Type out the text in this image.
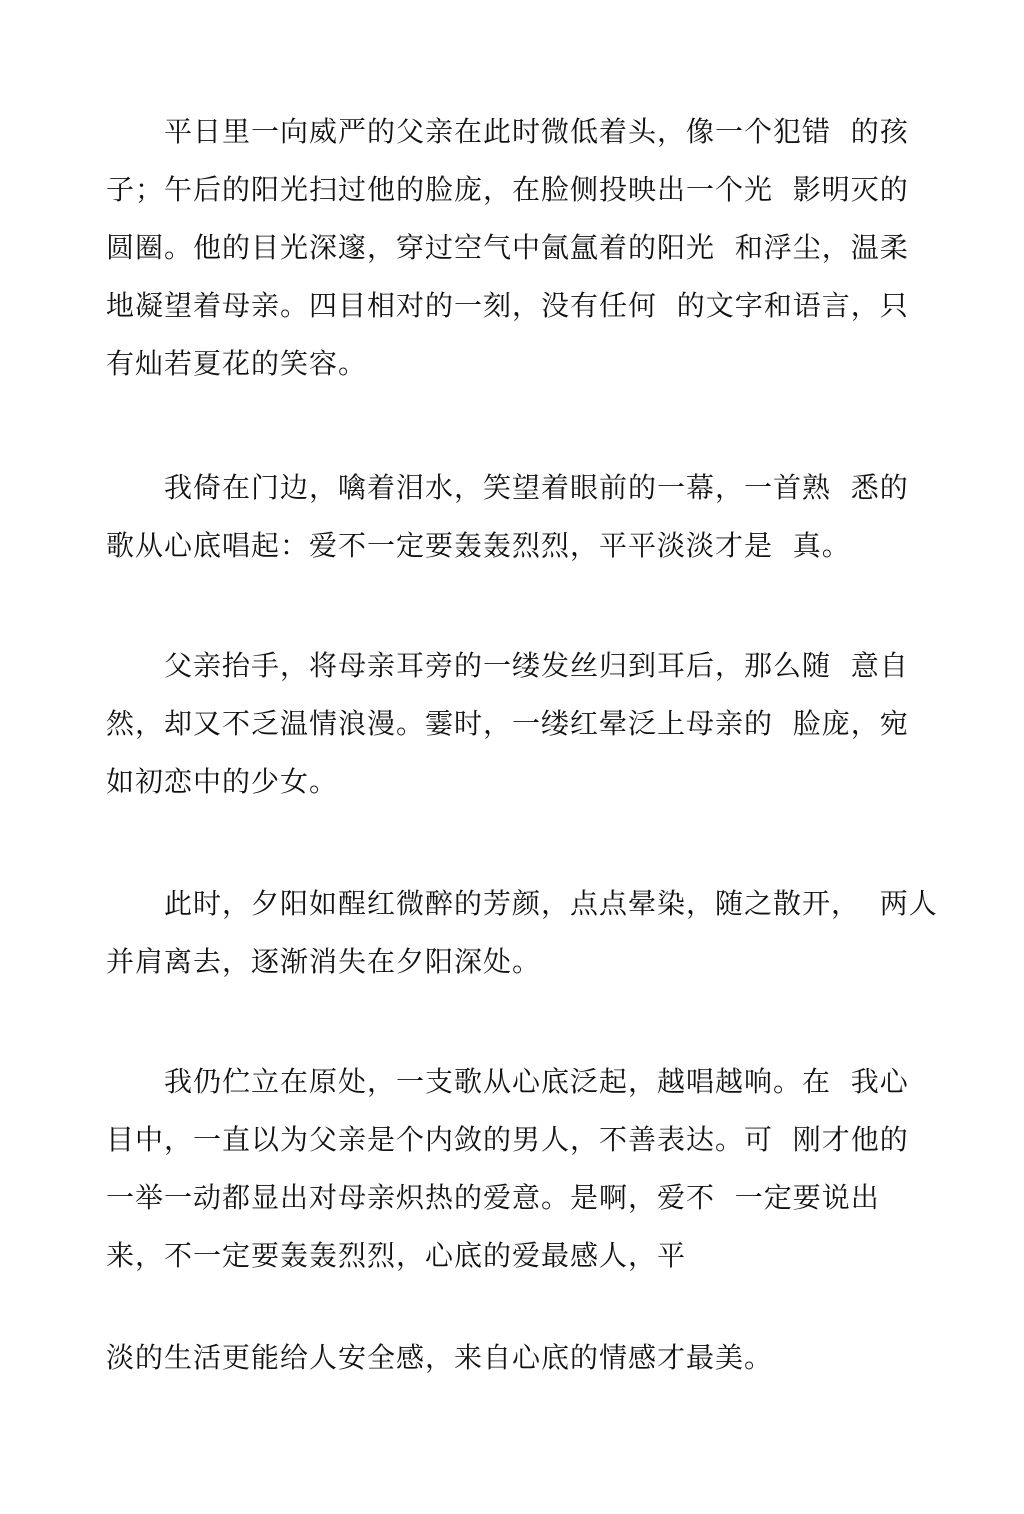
　　平日里一向威严的父亲在此时微低着头，像一个犯错  的孩
子；午后的阳光扫过他的脸庞，在脸侧投映出一个光  影明灭的
圆圈。他的目光深邃，穿过空气中氤氲着的阳光  和浮尘，温柔
地凝望着母亲。四目相对的一刻，没有任何  的文字和语言，只
有灿若夏花的笑容。
　　我倚在门边，噙着泪水，笑望着眼前的一幕，一首熟  悉的
歌从心底唱起：爱不一定要轰轰烈烈，平平淡淡才是  真。
　　父亲抬手，将母亲耳旁的一缕发丝归到耳后，那么随  意自
然，却又不乏温情浪漫。霎时，一缕红晕泛上母亲的  脸庞，宛
如初恋中的少女。
　　此时，夕阳如酲红微醉的芳颜，点点晕染，随之散开，  两人
并肩离去，逐渐消失在夕阳深处。
　　我仍伫立在原处，一支歌从心底泛起，越唱越响。在  我心
目中，一直以为父亲是个内敛的男人，不善表达。可  刚才他的
一举一动都显出对母亲炽热的爱意。是啊，爱不  一定要说出
来，不一定要轰轰烈烈，心底的爱最感人，平
淡的生活更能给人安全感，来自心底的情感才最美。
